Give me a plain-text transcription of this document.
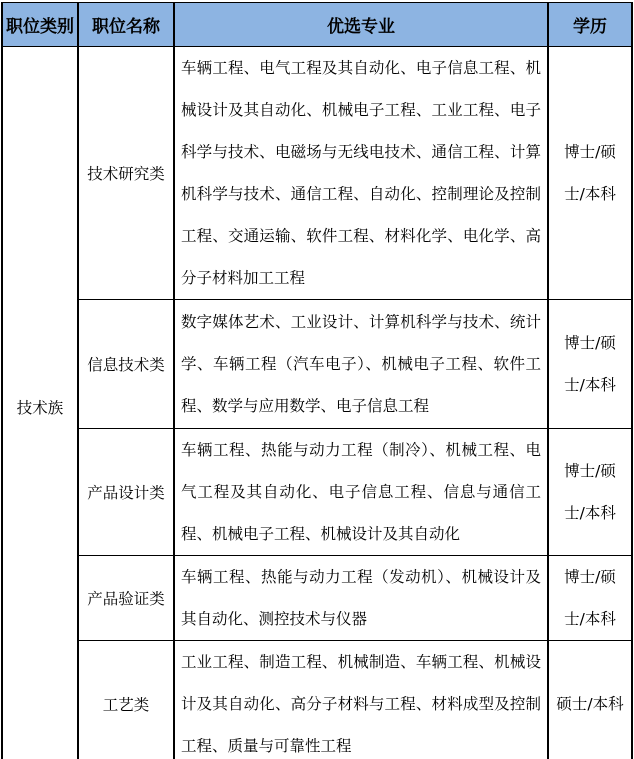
职位类别	职位名称	优选专业	学历
技术族	技术研究类	车辆工程、电气工程及其自动化、电子信息工程、机械设计及其自动化、机械电子工程、工业工程、电子科学与技术、电磁场与无线电技术、通信工程、计算机科学与技术、通信工程、自动化、控制理论及控制工程、交通运输、软件工程、材料化学、电化学、高分子材料加工工程	博士/硕士/本科
	信息技术类	数字媒体艺术、工业设计、计算机科学与技术、统计学、车辆工程（汽车电子）、机械电子工程、软件工程、数学与应用数学、电子信息工程	博士/硕士/本科
	产品设计类	车辆工程、热能与动力工程（制冷）、机械工程、电气工程及其自动化、电子信息工程、信息与通信工程、机械电子工程、机械设计及其自动化	博士/硕士/本科
	产品验证类	车辆工程、热能与动力工程（发动机）、机械设计及其自动化、测控技术与仪器	博士/硕士/本科
	工艺类	工业工程、制造工程、机械制造、车辆工程、机械设计及其自动化、高分子材料与工程、材料成型及控制工程、质量与可靠性工程	硕士/本科
